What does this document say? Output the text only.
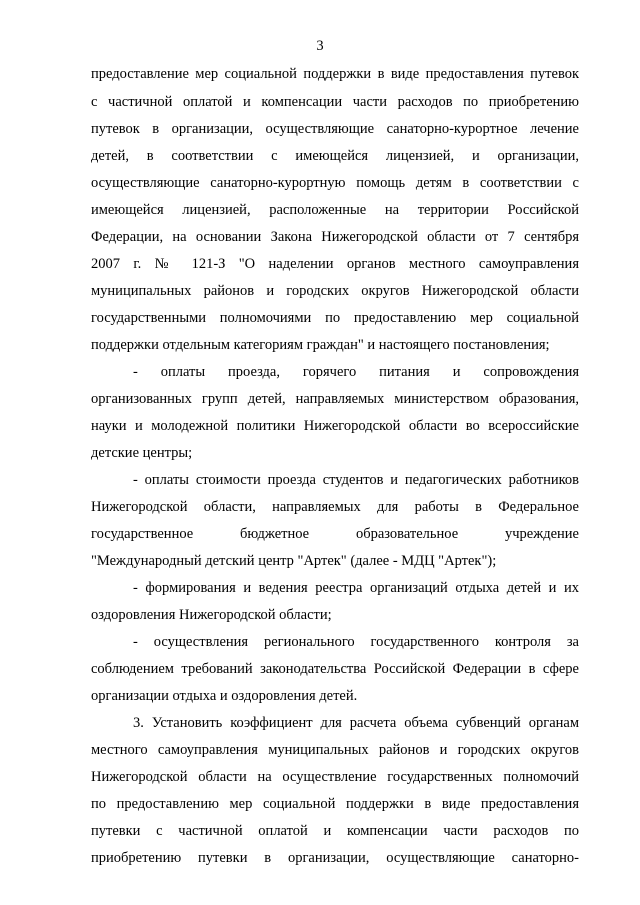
3
предоставление мер социальной поддержки в виде предоставления путевок
с частичной оплатой и компенсации части расходов по приобретению
путевок в организации, осуществляющие санаторно-курортное лечение
детей, в соответствии с имеющейся лицензией, и организации,
осуществляющие санаторно-курортную помощь детям в соответствии с
имеющейся лицензией, расположенные на территории Российской
Федерации, на основании Закона Нижегородской области от 7 сентября
2007 г. № 121-З "О наделении органов местного самоуправления
муниципальных районов и городских округов Нижегородской области
государственными полномочиями по предоставлению мер социальной
поддержки отдельным категориям граждан" и настоящего постановления;
- оплаты проезда, горячего питания и сопровождения
организованных групп детей, направляемых министерством образования,
науки и молодежной политики Нижегородской области во всероссийские
детские центры;
- оплаты стоимости проезда студентов и педагогических работников
Нижегородской области, направляемых для работы в Федеральное
государственное бюджетное образовательное учреждение
"Международный детский центр "Артек" (далее - МДЦ "Артек");
- формирования и ведения реестра организаций отдыха детей и их
оздоровления Нижегородской области;
- осуществления регионального государственного контроля за
соблюдением требований законодательства Российской Федерации в сфере
организации отдыха и оздоровления детей.
3. Установить коэффициент для расчета объема субвенций органам
местного самоуправления муниципальных районов и городских округов
Нижегородской области на осуществление государственных полномочий
по предоставлению мер социальной поддержки в виде предоставления
путевки с частичной оплатой и компенсации части расходов по
приобретению путевки в организации, осуществляющие санаторно-
